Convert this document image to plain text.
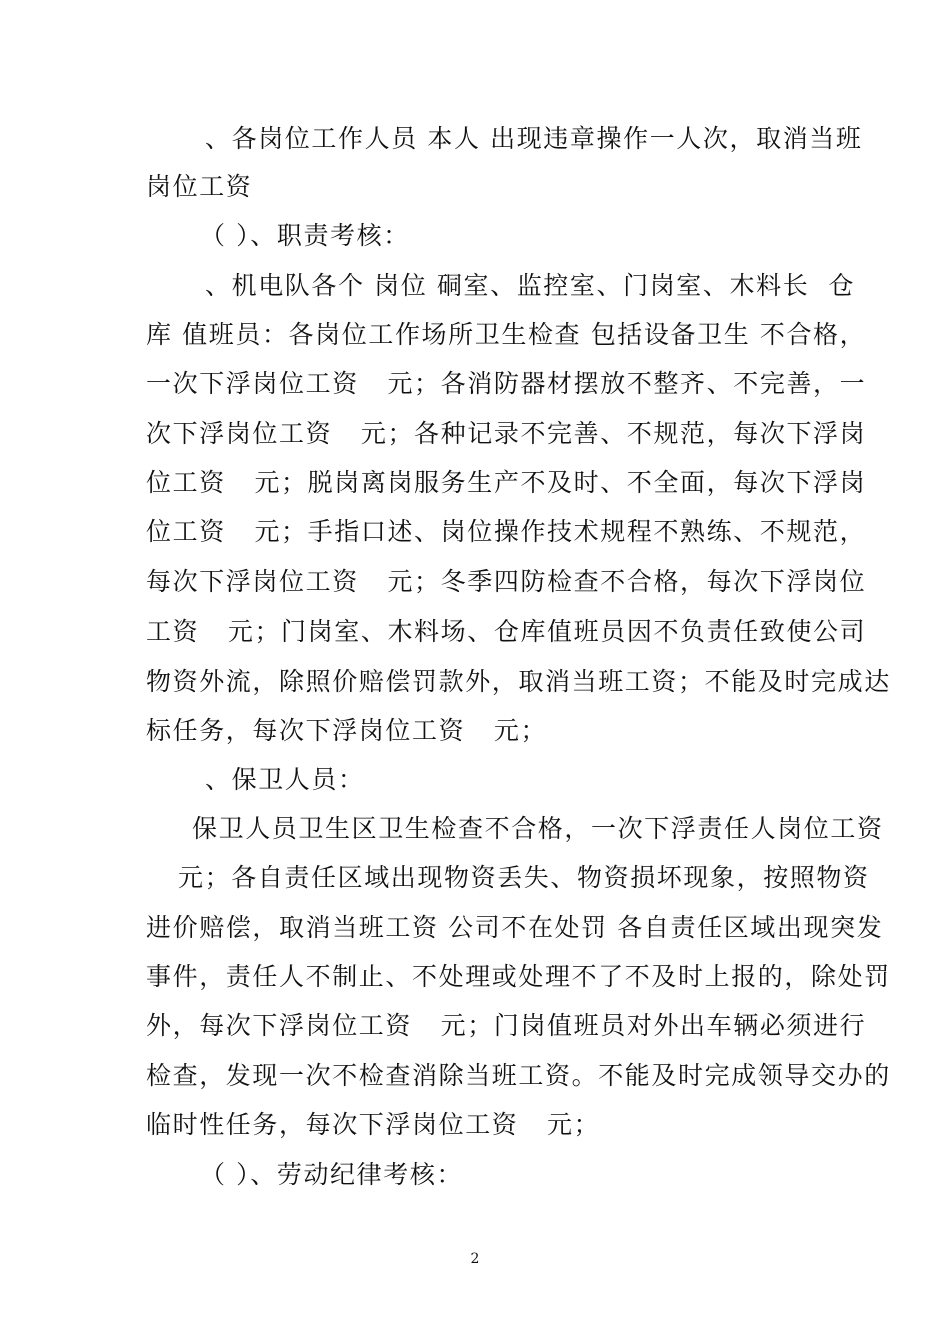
、各岗位工作人员 本人 出现违章操作一人次，取消当班
岗位工资
（ ）、职责考核：
、机电队各个 岗位 硐室、监控室、门岗室、木料长  仓
库 值班员：各岗位工作场所卫生检查 包括设备卫生 不合格，
一次下浮岗位工资   元；各消防器材摆放不整齐、不完善，一
次下浮岗位工资   元；各种记录不完善、不规范，每次下浮岗
位工资   元；脱岗离岗服务生产不及时、不全面，每次下浮岗
位工资   元；手指口述、岗位操作技术规程不熟练、不规范，
每次下浮岗位工资   元；冬季四防检查不合格，每次下浮岗位
工资   元；门岗室、木料场、仓库值班员因不负责任致使公司
物资外流，除照价赔偿罚款外，取消当班工资；不能及时完成达
标任务，每次下浮岗位工资   元；
、保卫人员：
保卫人员卫生区卫生检查不合格，一次下浮责任人岗位工资
元；各自责任区域出现物资丢失、物资损坏现象，按照物资
进价赔偿，取消当班工资 公司不在处罚 各自责任区域出现突发
事件，责任人不制止、不处理或处理不了不及时上报的，除处罚
外，每次下浮岗位工资   元；门岗值班员对外出车辆必须进行
检查，发现一次不检查消除当班工资。不能及时完成领导交办的
临时性任务，每次下浮岗位工资   元；
（ ）、劳动纪律考核：
2
